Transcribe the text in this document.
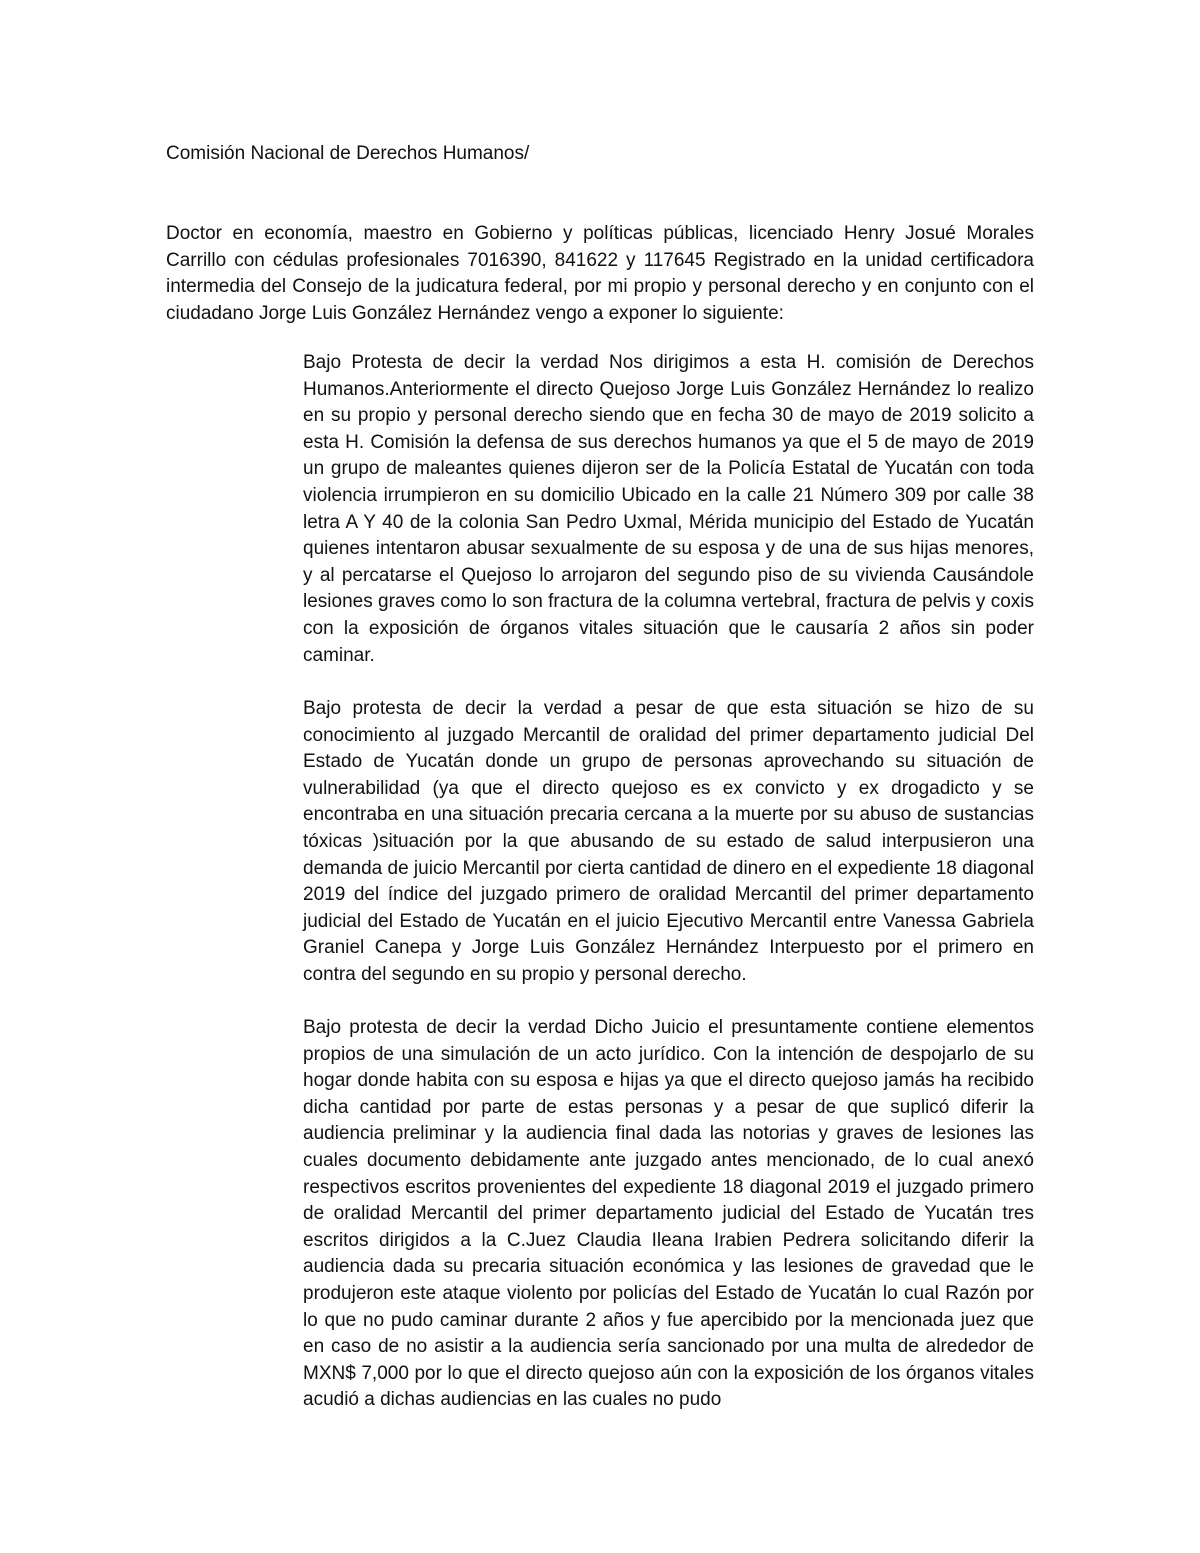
Comisión Nacional de Derechos Humanos/

Doctor en economía, maestro en Gobierno y políticas públicas, licenciado Henry Josué Morales Carrillo con cédulas profesionales 7016390, 841622 y 117645 Registrado en la unidad certificadora intermedia del Consejo de la judicatura federal, por mi propio y personal derecho y en conjunto con el ciudadano Jorge Luis González Hernández vengo a exponer lo siguiente:

Bajo Protesta de decir la verdad Nos dirigimos a esta H. comisión de Derechos Humanos.Anteriormente el directo Quejoso Jorge Luis González Hernández lo realizo en su propio y personal derecho siendo que en fecha 30 de mayo de 2019 solicito a esta H. Comisión la defensa de sus derechos humanos ya que el 5 de mayo de 2019 un grupo de maleantes quienes dijeron ser de la Policía Estatal de Yucatán con toda violencia irrumpieron en su domicilio Ubicado en la calle 21 Número 309 por calle 38 letra A Y 40 de la colonia San Pedro Uxmal, Mérida municipio del Estado de Yucatán quienes intentaron abusar sexualmente de su esposa y de una de sus hijas menores, y al percatarse el Quejoso lo arrojaron del segundo piso de su vivienda Causándole lesiones graves como lo son fractura de la columna vertebral, fractura de pelvis y coxis con la exposición de órganos vitales situación que le causaría 2 años sin poder caminar.

Bajo protesta de decir la verdad a pesar de que esta situación se hizo de su conocimiento al juzgado Mercantil de oralidad del primer departamento judicial Del Estado de Yucatán donde un grupo de personas aprovechando su situación de vulnerabilidad (ya que el directo quejoso es ex convicto y ex drogadicto y se encontraba en una situación precaria cercana a la muerte por su abuso de sustancias tóxicas )situación por la que abusando de su estado de salud interpusieron una demanda de juicio Mercantil por cierta cantidad de dinero en el expediente 18 diagonal 2019 del índice del juzgado primero de oralidad Mercantil del primer departamento judicial del Estado de Yucatán en el juicio Ejecutivo Mercantil entre Vanessa Gabriela Graniel Canepa y Jorge Luis González Hernández Interpuesto por el primero en contra del segundo en su propio y personal derecho.

Bajo protesta de decir la verdad Dicho Juicio el presuntamente contiene elementos propios de una simulación de un acto jurídico. Con la intención de despojarlo de su hogar donde habita con su esposa e hijas ya que el directo quejoso jamás ha recibido dicha cantidad por parte de estas personas y a pesar de que suplicó diferir la audiencia preliminar y la audiencia final dada las notorias y graves de lesiones las cuales documento debidamente ante juzgado antes mencionado, de lo cual anexó respectivos escritos provenientes del expediente 18 diagonal 2019 el juzgado primero de oralidad Mercantil del primer departamento judicial del Estado de Yucatán tres escritos dirigidos a la C.Juez Claudia Ileana Irabien Pedrera solicitando diferir la audiencia dada su precaria situación económica y las lesiones de gravedad que le produjeron este ataque violento por policías del Estado de Yucatán lo cual Razón por lo que no pudo caminar durante 2 años y fue apercibido por la mencionada juez que en caso de no asistir a la audiencia sería sancionado por una multa de alrededor de MXN$ 7,000 por lo que el directo quejoso aún con la exposición de los órganos vitales acudió a dichas audiencias en las cuales no pudo
